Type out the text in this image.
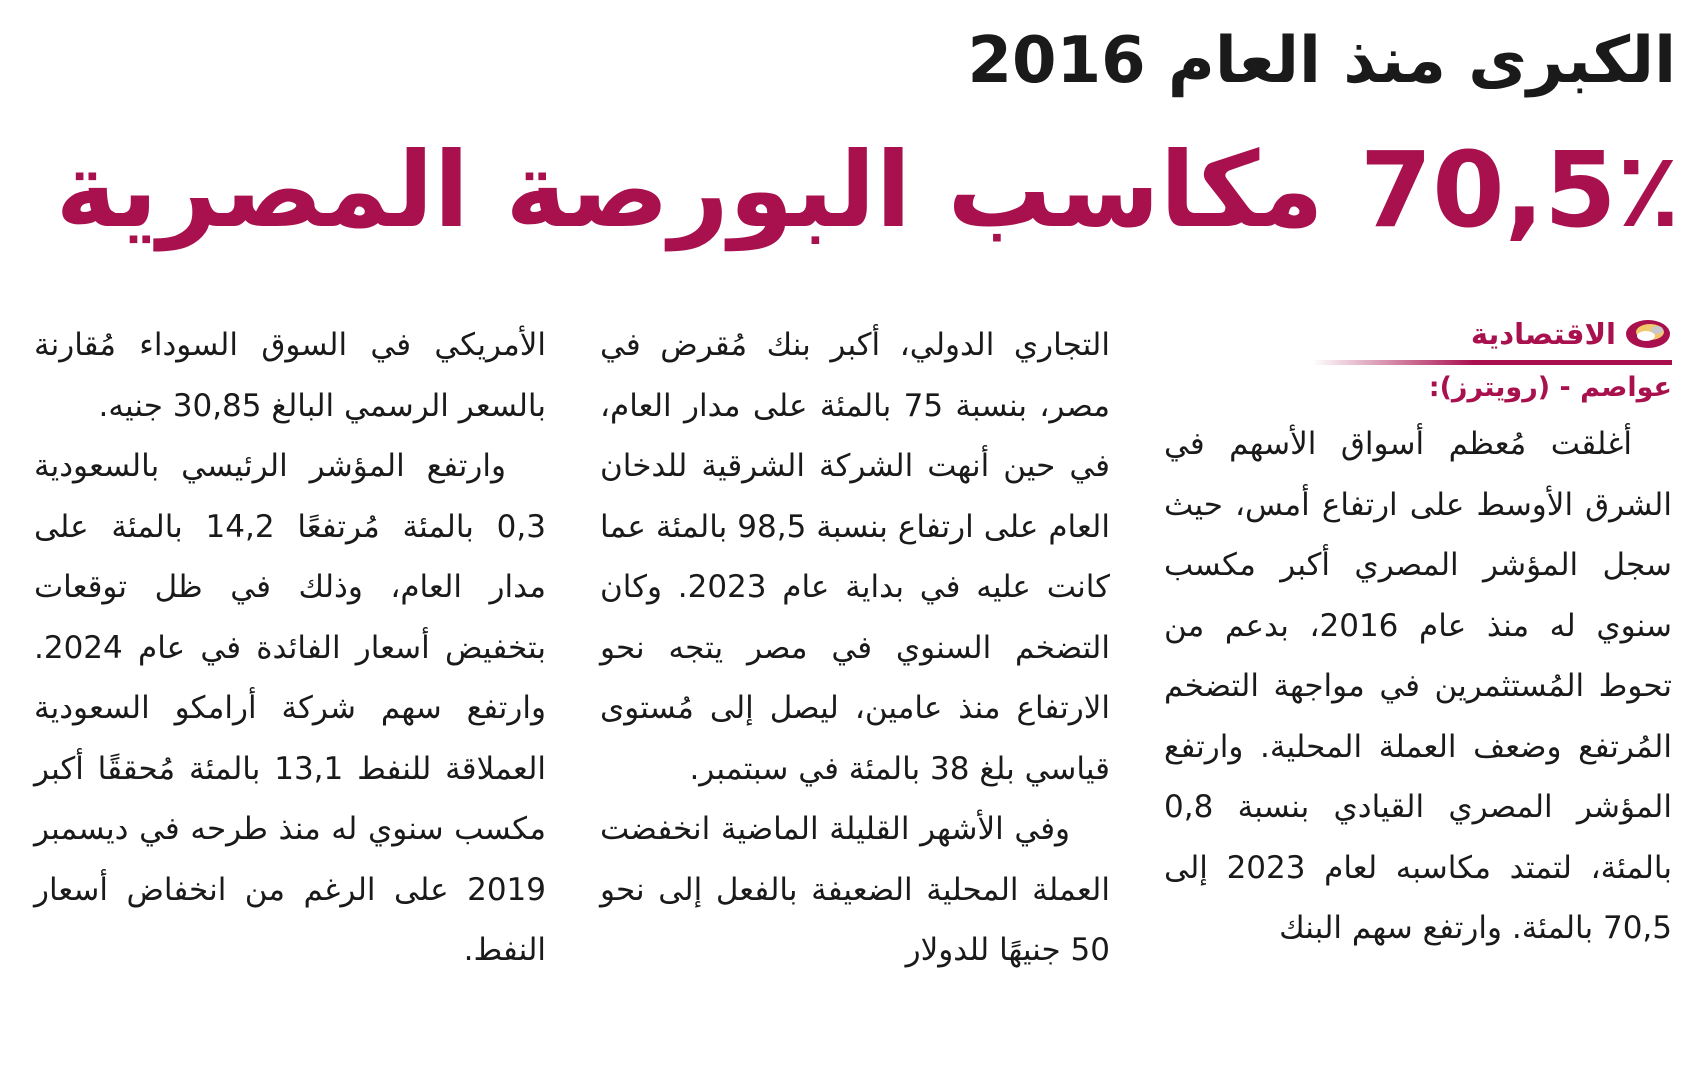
الكبرى منذ العام 2016
70,5٪ مكاسب البورصة المصرية
الاقتصادية
عواصم - (رويترز):

أغلقت مُعظم أسواق الأسهم في الشرق الأوسط على ارتفاع أمس، حيث سجل المؤشر المصري أكبر مكسب سنوي له منذ عام 2016، بدعم من تحوط المُستثمرين في مواجهة التضخم المُرتفع وضعف العملة المحلية. وارتفع المؤشر المصري القيادي بنسبة 0,8 بالمئة، لتمتد مكاسبه لعام 2023 إلى 70,5 بالمئة. وارتفع سهم البنك

التجاري الدولي، أكبر بنك مُقرض في مصر، بنسبة 75 بالمئة على مدار العام، في حين أنهت الشركة الشرقية للدخان العام على ارتفاع بنسبة 98,5 بالمئة عما كانت عليه في بداية عام 2023. وكان التضخم السنوي في مصر يتجه نحو الارتفاع منذ عامين، ليصل إلى مُستوى قياسي بلغ 38 بالمئة في سبتمبر.

وفي الأشهر القليلة الماضية انخفضت العملة المحلية الضعيفة بالفعل إلى نحو 50 جنيهًا للدولار

الأمريكي في السوق السوداء مُقارنة بالسعر الرسمي البالغ 30,85 جنيه.

وارتفع المؤشر الرئيسي بالسعودية 0,3 بالمئة مُرتفعًا 14,2 بالمئة على مدار العام، وذلك في ظل توقعات بتخفيض أسعار الفائدة في عام 2024. وارتفع سهم شركة أرامكو السعودية العملاقة للنفط 13,1 بالمئة مُحققًا أكبر مكسب سنوي له منذ طرحه في ديسمبر 2019 على الرغم من انخفاض أسعار النفط.
